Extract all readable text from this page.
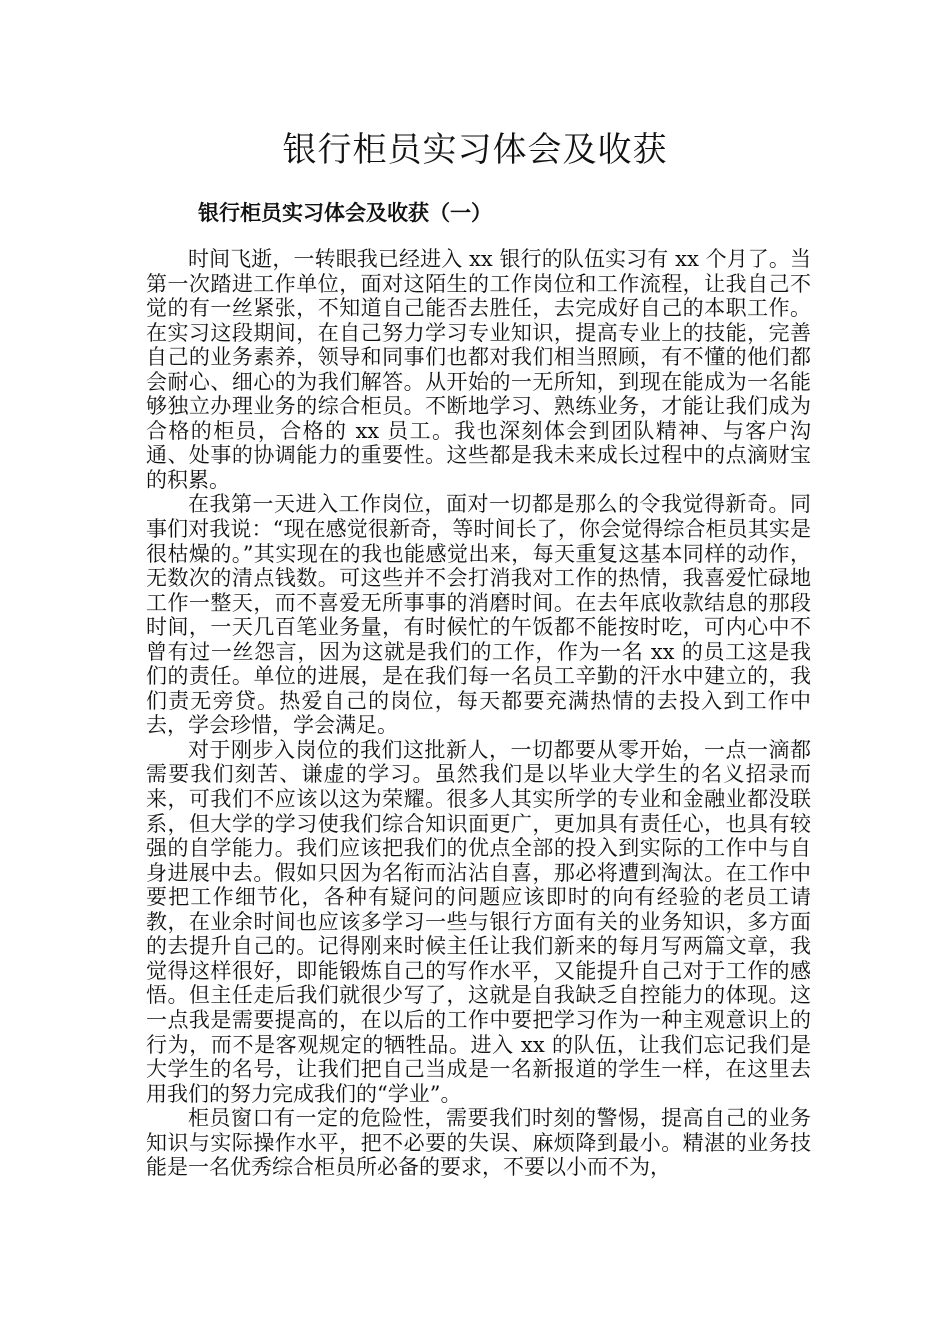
银行柜员实习体会及收获
银行柜员实习体会及收获（一）

时间飞逝，一转眼我已经进入 xx 银行的队伍实习有 xx 个月了。当第一次踏进工作单位，面对这陌生的工作岗位和工作流程，让我自己不觉的有一丝紧张，不知道自己能否去胜任，去完成好自己的本职工作。在实习这段期间，在自己努力学习专业知识，提高专业上的技能，完善自己的业务素养，领导和同事们也都对我们相当照顾，有不懂的他们都会耐心、细心的为我们解答。从开始的一无所知，到现在能成为一名能够独立办理业务的综合柜员。不断地学习、熟练业务，才能让我们成为合格的柜员，合格的 xx 员工。我也深刻体会到团队精神、与客户沟通、处事的协调能力的重要性。这些都是我未来成长过程中的点滴财宝的积累。

在我第一天进入工作岗位，面对一切都是那么的令我觉得新奇。同事们对我说：“现在感觉很新奇，等时间长了，你会觉得综合柜员其实是很枯燥的。”其实现在的我也能感觉出来，每天重复这基本同样的动作，无数次的清点钱数。可这些并不会打消我对工作的热情，我喜爱忙碌地工作一整天，而不喜爱无所事事的消磨时间。在去年底收款结息的那段时间，一天几百笔业务量，有时候忙的午饭都不能按时吃，可内心中不曾有过一丝怨言，因为这就是我们的工作，作为一名 xx 的员工这是我们的责任。单位的进展，是在我们每一名员工辛勤的汗水中建立的，我们责无旁贷。热爱自己的岗位，每天都要充满热情的去投入到工作中去，学会珍惜，学会满足。

对于刚步入岗位的我们这批新人，一切都要从零开始，一点一滴都需要我们刻苦、谦虚的学习。虽然我们是以毕业大学生的名义招录而来，可我们不应该以这为荣耀。很多人其实所学的专业和金融业都没联系，但大学的学习使我们综合知识面更广，更加具有责任心，也具有较强的自学能力。我们应该把我们的优点全部的投入到实际的工作中与自身进展中去。假如只因为名衔而沾沾自喜，那必将遭到淘汰。在工作中要把工作细节化，各种有疑问的问题应该即时的向有经验的老员工请教，在业余时间也应该多学习一些与银行方面有关的业务知识，多方面的去提升自己的。记得刚来时候主任让我们新来的每月写两篇文章，我觉得这样很好，即能锻炼自己的写作水平，又能提升自己对于工作的感悟。但主任走后我们就很少写了，这就是自我缺乏自控能力的体现。这一点我是需要提高的，在以后的工作中要把学习作为一种主观意识上的行为，而不是客观规定的牺牲品。进入 xx 的队伍，让我们忘记我们是大学生的名号，让我们把自己当成是一名新报道的学生一样，在这里去用我们的努力完成我们的“学业”。

柜员窗口有一定的危险性，需要我们时刻的警惕，提高自己的业务知识与实际操作水平，把不必要的失误、麻烦降到最小。精湛的业务技能是一名优秀综合柜员所必备的要求，不要以小而不为，
